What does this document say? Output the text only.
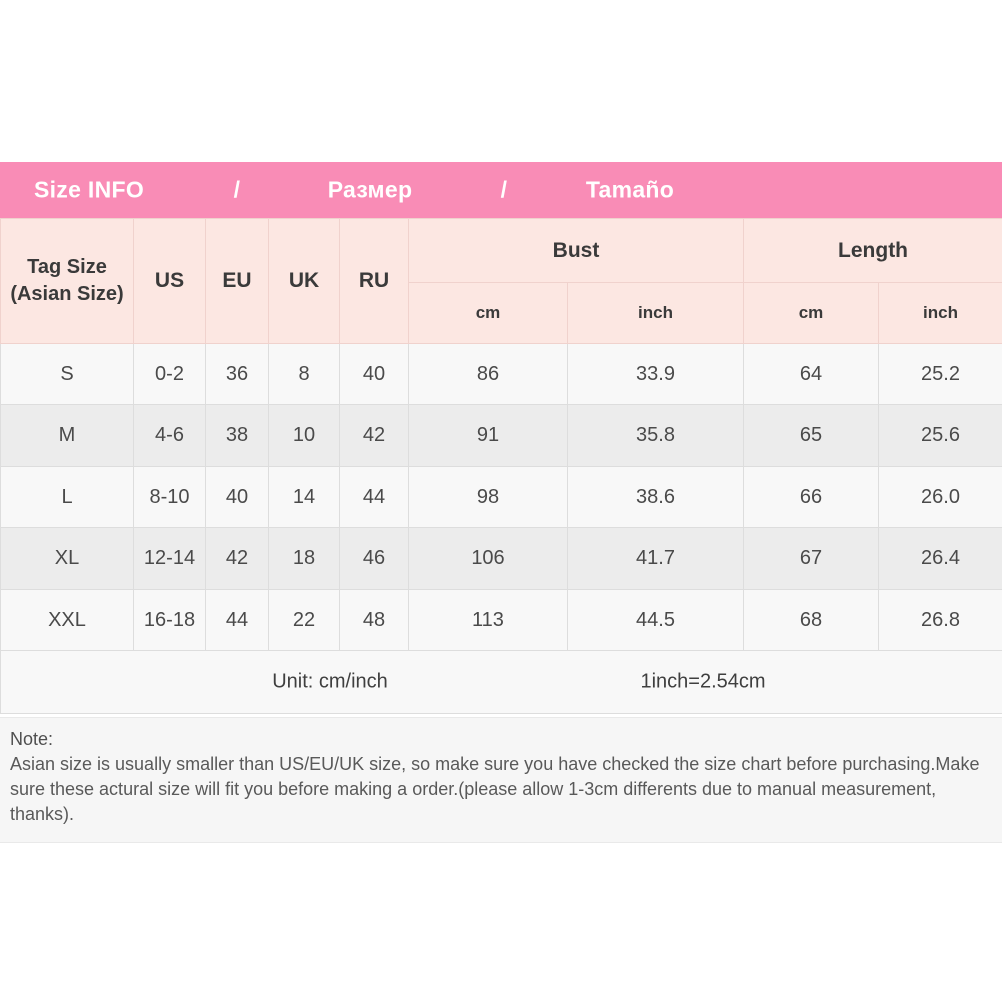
Size INFO	/	Размер	/	Tamaño
Tag Size
(Asian Size)	US	EU	UK	RU	Bust		Length	
					cm	inch	cm	inch
S	0-2	36	8	40	86	33.9	64	25.2
M	4-6	38	10	42	91	35.8	65	25.6
L	8-10	40	14	44	98	38.6	66	26.0
XL	12-14	42	18	46	106	41.7	67	26.4
XXL	16-18	44	22	48	113	44.5	68	26.8

Unit: cm/inch 1inch=2.54cm								
Note:
Asian size is usually smaller than US/EU/UK size, so make sure you have checked the size chart before purchasing.Make sure these actural size will fit you before making a order.(please allow 1-3cm differents due to manual measurement, thanks).
